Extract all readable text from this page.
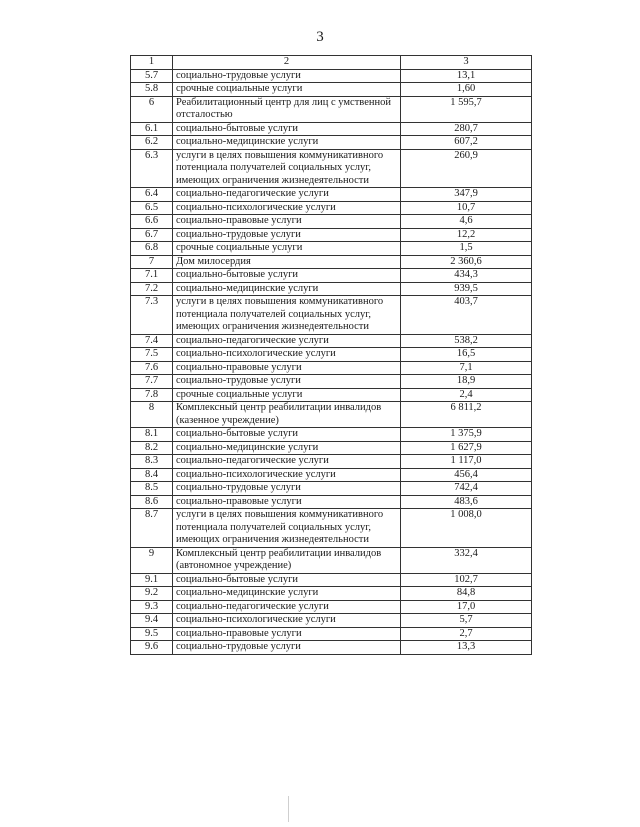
3
1	2	3
5.7	социально-трудовые услуги	13,1
5.8	срочные социальные услуги	1,60
6	Реабилитационный центр для лиц с умственной отсталостью	1 595,7
6.1	социально-бытовые услуги	280,7
6.2	социально-медицинские услуги	607,2
6.3	услуги в целях повышения коммуникативного потенциала получателей социальных услуг, имеющих ограничения жизнедеятельности	260,9
6.4	социально-педагогические услуги	347,9
6.5	социально-психологические услуги	10,7
6.6	социально-правовые услуги	4,6
6.7	социально-трудовые услуги	12,2
6.8	срочные социальные услуги	1,5
7	Дом милосердия	2 360,6
7.1	социально-бытовые услуги	434,3
7.2	социально-медицинские услуги	939,5
7.3	услуги в целях повышения коммуникативного потенциала получателей социальных услуг, имеющих ограничения жизнедеятельности	403,7
7.4	социально-педагогические услуги	538,2
7.5	социально-психологические услуги	16,5
7.6	социально-правовые услуги	7,1
7.7	социально-трудовые услуги	18,9
7.8	срочные социальные услуги	2,4
8	Комплексный центр реабилитации инвалидов (казенное учреждение)	6 811,2
8.1	социально-бытовые услуги	1 375,9
8.2	социально-медицинские услуги	1 627,9
8.3	социально-педагогические услуги	1 117,0
8.4	социально-психологические услуги	456,4
8.5	социально-трудовые услуги	742,4
8.6	социально-правовые услуги	483,6
8.7	услуги в целях повышения коммуникативного потенциала получателей социальных услуг, имеющих ограничения жизнедеятельности	1 008,0
9	Комплексный центр реабилитации инвалидов (автономное учреждение)	332,4
9.1	социально-бытовые услуги	102,7
9.2	социально-медицинские услуги	84,8
9.3	социально-педагогические услуги	17,0
9.4	социально-психологические услуги	5,7
9.5	социально-правовые услуги	2,7
9.6	социально-трудовые услуги	13,3
